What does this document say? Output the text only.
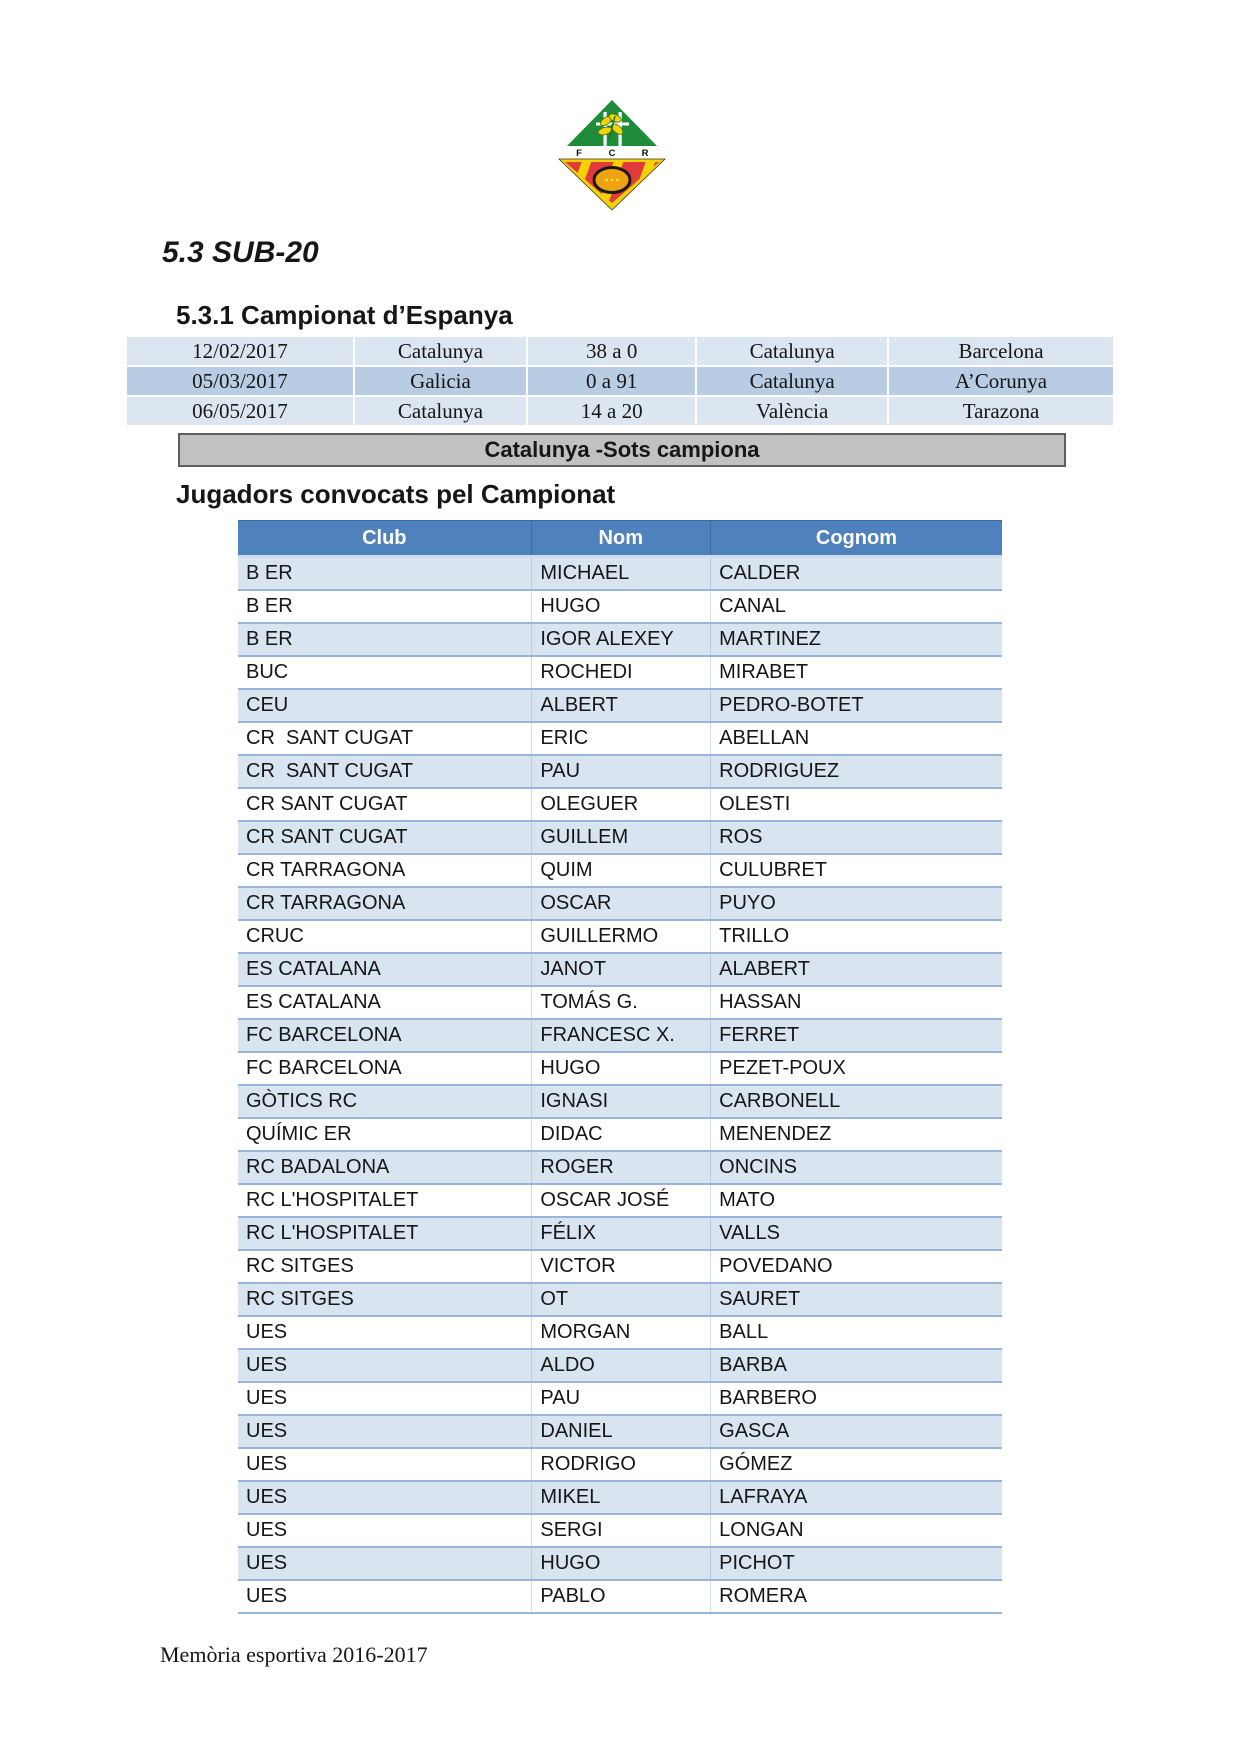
F	C	R
5.3 SUB-20
5.3.1 Campionat d’Espanya
12/02/2017	Catalunya	38 a 0	Catalunya	Barcelona
05/03/2017	Galicia	0 a 91	Catalunya	A’Corunya
06/05/2017	Catalunya	14 a 20	València	Tarazona
Catalunya -Sots campiona
Jugadors convocats pel Campionat
Club	Nom	Cognom
B ER	MICHAEL	CALDER
B ER	HUGO	CANAL
B ER	IGOR ALEXEY	MARTINEZ
BUC	ROCHEDI	MIRABET
CEU	ALBERT	PEDRO-BOTET
CR  SANT CUGAT	ERIC	ABELLAN
CR  SANT CUGAT	PAU	RODRIGUEZ
CR SANT CUGAT	OLEGUER	OLESTI
CR SANT CUGAT	GUILLEM	ROS
CR TARRAGONA	QUIM	CULUBRET
CR TARRAGONA	OSCAR	PUYO
CRUC	GUILLERMO	TRILLO
ES CATALANA	JANOT	ALABERT
ES CATALANA	TOMÁS G.	HASSAN
FC BARCELONA	FRANCESC X.	FERRET
FC BARCELONA	HUGO	PEZET-POUX
GÒTICS RC	IGNASI	CARBONELL
QUÍMIC ER	DIDAC	MENENDEZ
RC BADALONA	ROGER	ONCINS
RC L'HOSPITALET	OSCAR JOSÉ	MATO
RC L'HOSPITALET	FÉLIX	VALLS
RC SITGES	VICTOR	POVEDANO
RC SITGES	OT	SAURET
UES	MORGAN	BALL
UES	ALDO	BARBA
UES	PAU	BARBERO
UES	DANIEL	GASCA
UES	RODRIGO	GÓMEZ
UES	MIKEL	LAFRAYA
UES	SERGI	LONGAN
UES	HUGO	PICHOT
UES	PABLO	ROMERA
Memòria esportiva 2016-2017
